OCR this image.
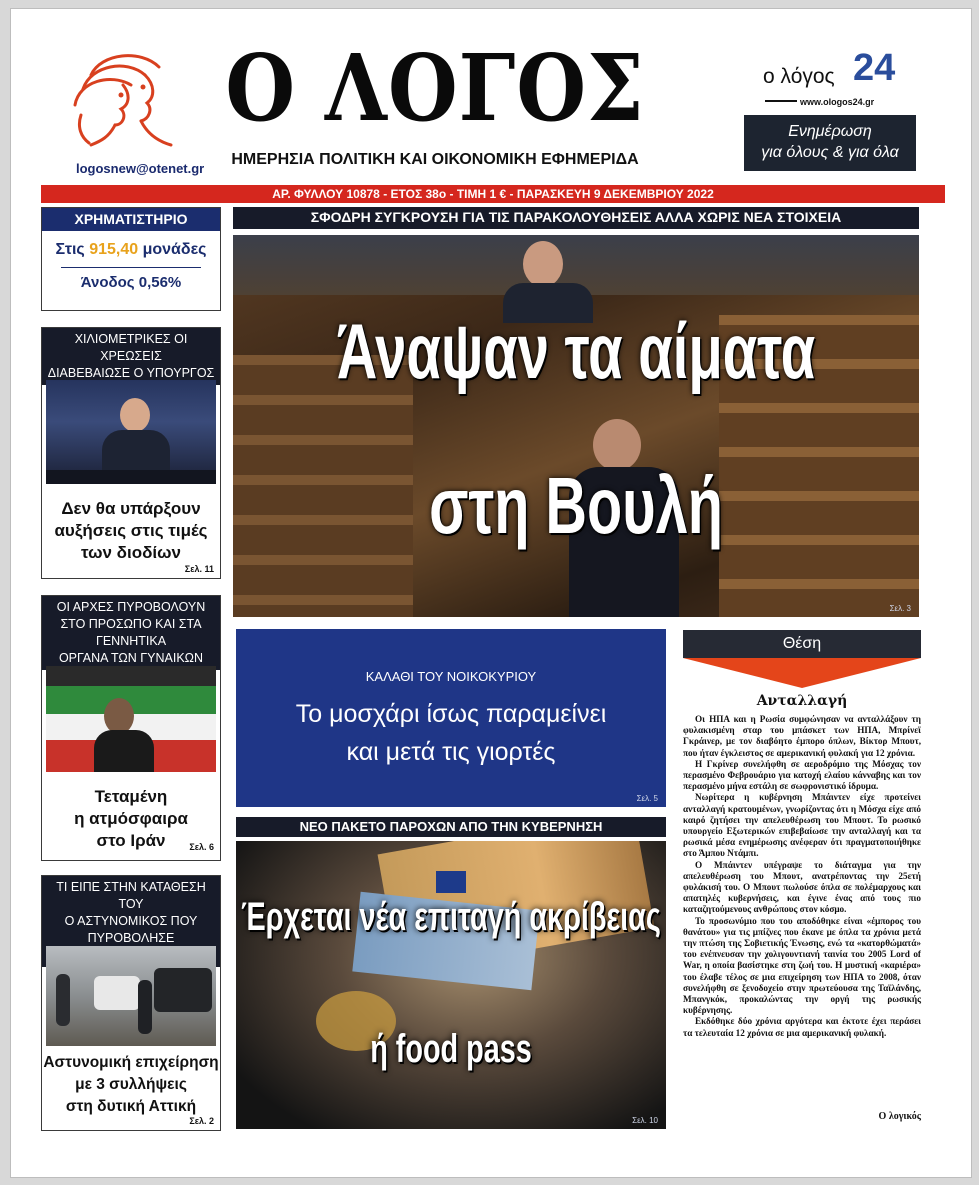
logosnew@otenet.gr
Ο ΛΟΓΟΣ
ΗΜΕΡΗΣΙΑ ΠΟΛΙΤΙΚΗ ΚΑΙ ΟΙΚΟΝΟΜΙΚΗ ΕΦΗΜΕΡΙΔΑ
ο λόγος 24
www.ologos24.gr
Ενημέρωση
για όλους & για όλα
ΑΡ. ΦΥΛΛΟΥ 10878 - ΕΤΟΣ 38ο - ΤΙΜΗ 1 € - ΠΑΡΑΣΚΕΥΗ 9 ΔΕΚΕΜΒΡΙΟΥ 2022
ΧΡΗΜΑΤΙΣΤΗΡΙΟ
Στις 915,40 μονάδες
Άνοδος 0,56%
ΧΙΛΙΟΜΕΤΡΙΚΕΣ ΟΙ ΧΡΕΩΣΕΙΣ
ΔΙΑΒΕΒΑΙΩΣΕ Ο ΥΠΟΥΡΓΟΣ
Δεν θα υπάρξουν
αυξήσεις στις τιμές
των διοδίων
Σελ. 11
ΟΙ ΑΡΧΕΣ ΠΥΡΟΒΟΛΟΥΝ
ΣΤΟ ΠΡΟΣΩΠΟ ΚΑΙ ΣΤΑ ΓΕΝΝΗΤΙΚΑ
ΟΡΓΑΝΑ ΤΩΝ ΓΥΝΑΙΚΩΝ
Τεταμένη
η ατμόσφαιρα
στο Ιράν	Σελ. 6
ΤΙ ΕΙΠΕ ΣΤΗΝ ΚΑΤΑΘΕΣΗ ΤΟΥ
Ο ΑΣΤΥΝΟΜΙΚΟΣ ΠΟΥ ΠΥΡΟΒΟΛΗΣΕ
Αστυνομική επιχείρηση
με 3 συλλήψεις
στη δυτική Αττική
Σελ. 2
ΣΦΟΔΡΗ ΣΥΓΚΡΟΥΣΗ ΓΙΑ ΤΙΣ ΠΑΡΑΚΟΛΟΥΘΗΣΕΙΣ ΑΛΛΑ ΧΩΡΙΣ ΝΕΑ ΣΤΟΙΧΕΙΑ
Άναψαν τα αίματα
στη Βουλή
Σελ. 3
ΚΑΛΑΘΙ ΤΟΥ ΝΟΙΚΟΚΥΡΙΟΥ
Το μοσχάρι ίσως παραμείνει
και μετά τις γιορτές
Σελ. 5
ΝΕΟ ΠΑΚΕΤΟ ΠΑΡΟΧΩΝ ΑΠΟ ΤΗΝ ΚΥΒΕΡΝΗΣΗ
Έρχεται νέα επιταγή ακρίβειας
ή food pass
Σελ. 10
Θέση
Ανταλλαγή

Οι ΗΠΑ και η Ρωσία συμφώνησαν να ανταλλάξουν τη φυλακισμένη σταρ του μπάσκετ των ΗΠΑ, Μπρίνεϊ Γκράινερ, με τον διαβόητο έμπορο όπλων, Βίκτορ Μπουτ, που ήταν έγκλειστος σε αμερικανική φυλακή για 12 χρόνια.

Η Γκρίνερ συνελήφθη σε αεροδρόμιο της Μόσχας τον περασμένο Φεβρουάριο για κατοχή ελαίου κάνναβης και τον περασμένο μήνα εστάλη σε σωφρονιστικό ίδρυμα.

Νωρίτερα η κυβέρνηση Μπάιντεν είχε προτείνει ανταλλαγή κρατουμένων, γνωρίζοντας ότι η Μόσχα είχε από καιρό ζητήσει την απελευθέρωση του Μπουτ. Το ρωσικό υπουργείο Εξωτερικών επιβεβαίωσε την ανταλλαγή και τα ρωσικά μέσα ενημέρωσης ανέφεραν ότι πραγματοποιήθηκε στο Άμπου Ντάμπι.

Ο Μπάιντεν υπέγραψε το διάταγμα για την απελευθέρωση του Μπουτ, ανατρέποντας την 25ετή φυλάκισή του. Ο Μπουτ πωλούσε όπλα σε πολέμαρχους και απατηλές κυβερνήσεις, και έγινε ένας από τους πιο καταζητούμενους ανθρώπους στον κόσμο.

Το προσωνύμιο που του αποδόθηκε είναι «έμπορος του θανάτου» για τις μπίζνες που έκανε με όπλα τα χρόνια μετά την πτώση της Σοβιετικής Ένωσης, ενώ τα «κατορθώματά» του ενέπνευσαν την χολιγουντιανή ταινία του 2005 Lord of War, η οποία βασίστηκε στη ζωή του. Η μυστική «καριέρα» του έλαβε τέλος σε μια επιχείρηση των ΗΠΑ το 2008, όταν συνελήφθη σε ξενοδοχείο στην πρωτεύουσα της Ταϊλάνδης, Μπανγκόκ, προκαλώντας την οργή της ρωσικής κυβέρνησης.

Εκδόθηκε δύο χρόνια αργότερα και έκτοτε έχει περάσει τα τελευταία 12 χρόνια σε μια αμερικανική φυλακή.

Ο λογικός
